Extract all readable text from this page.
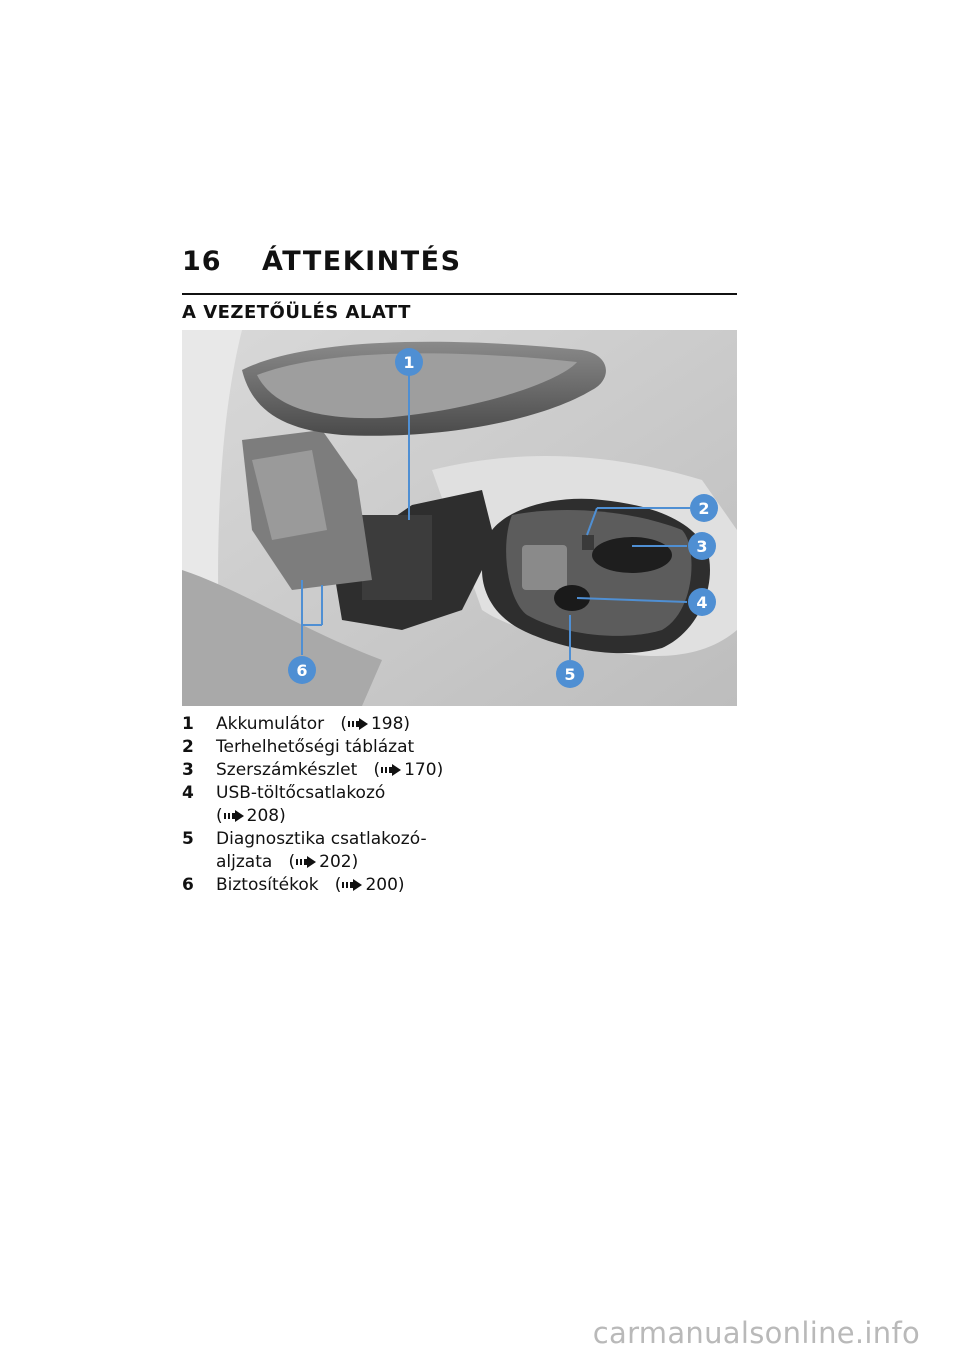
16	ÁTTEKINTÉS
A VEZETŐÜLÉS ALATT
1
2
3
4
5
6
1	Akkumulátor ( 198)
2	Terhelhetőségi táblázat
3	Szerszámkészlet ( 170)
4	USB-töltőcsatlakozó
( 208)
5	Diagnosztika csatlakozó-
aljzata ( 202)
6	Biztosítékok ( 200)
carmanualsonline.info
